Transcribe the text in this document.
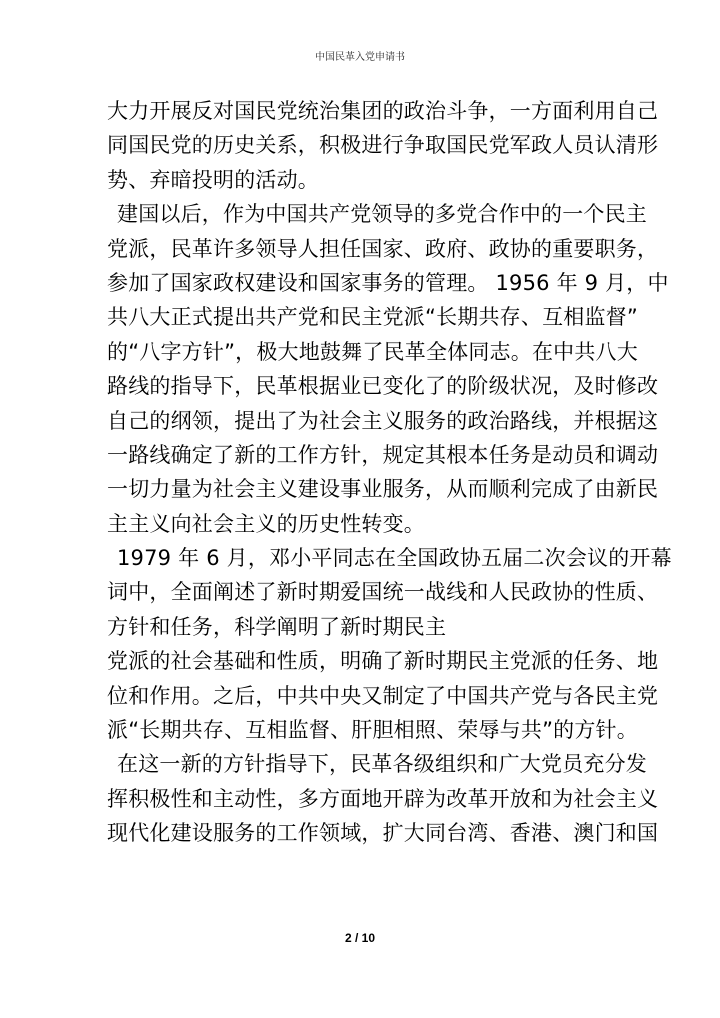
中国民革入党申请书
大力开展反对国民党统治集团的政治斗争，一方面利用自己
同国民党的历史关系，积极进行争取国民党军政人员认清形
势、弃暗投明的活动。
建国以后，作为中国共产党领导的多党合作中的一个民主
党派，民革许多领导人担任国家、政府、政协的重要职务，
参加了国家政权建设和国家事务的管理。 1956 年 9 月，中
共八大正式提出共产党和民主党派“长期共存、互相监督”
的“八字方针”，极大地鼓舞了民革全体同志。在中共八大
路线的指导下，民革根据业已变化了的阶级状况，及时修改
自己的纲领，提出了为社会主义服务的政治路线，并根据这
一路线确定了新的工作方针，规定其根本任务是动员和调动
一切力量为社会主义建设事业服务，从而顺利完成了由新民
主主义向社会主义的历史性转变。
1979 年 6 月，邓小平同志在全国政协五届二次会议的开幕
词中，全面阐述了新时期爱国统一战线和人民政协的性质、
方针和任务，科学阐明了新时期民主
党派的社会基础和性质，明确了新时期民主党派的任务、地
位和作用。之后，中共中央又制定了中国共产党与各民主党
派“长期共存、互相监督、肝胆相照、荣辱与共”的方针。
在这一新的方针指导下，民革各级组织和广大党员充分发
挥积极性和主动性，多方面地开辟为改革开放和为社会主义
现代化建设服务的工作领域，扩大同台湾、香港、澳门和国
2 / 10
